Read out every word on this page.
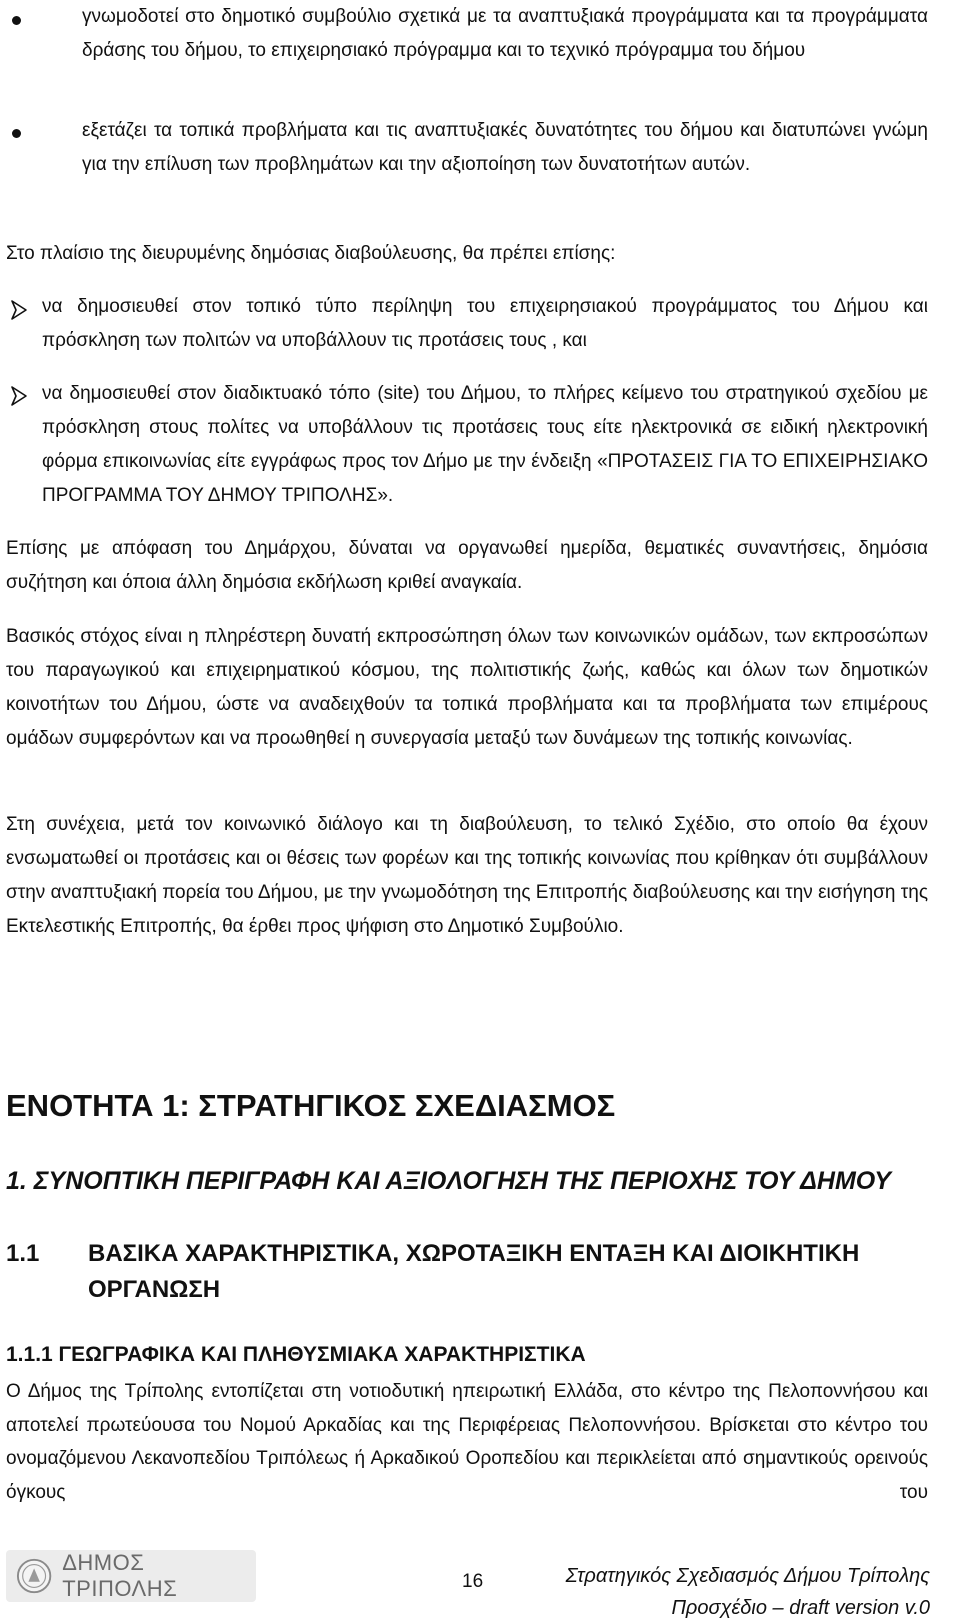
γνωμοδοτεί στο δημοτικό συμβούλιο σχετικά με τα αναπτυξιακά προγράμματα και τα προγράμματα δράσης του δήμου, το επιχειρησιακό πρόγραμμα και το τεχνικό πρόγραμμα του δήμου
εξετάζει τα τοπικά προβλήματα και τις αναπτυξιακές δυνατότητες του δήμου και διατυπώνει γνώμη για την επίλυση των προβλημάτων και την αξιοποίηση των δυνατοτήτων αυτών.
Στο πλαίσιο της διευρυμένης δημόσιας διαβούλευσης, θα πρέπει επίσης:
να δημοσιευθεί στον τοπικό τύπο περίληψη του επιχειρησιακού προγράμματος του Δήμου και πρόσκληση των πολιτών να υποβάλλουν τις προτάσεις τους , και
να δημοσιευθεί στον διαδικτυακό τόπο (site) του Δήμου, το πλήρες κείμενο του στρατηγικού σχεδίου με πρόσκληση στους πολίτες να υποβάλλουν τις προτάσεις τους είτε ηλεκτρονικά σε ειδική ηλεκτρονική φόρμα επικοινωνίας είτε εγγράφως προς τον Δήμο με την ένδειξη «ΠΡΟΤΑΣΕΙΣ ΓΙΑ ΤΟ ΕΠΙΧΕΙΡΗΣΙΑΚΟ ΠΡΟΓΡΑΜΜΑ ΤΟΥ ΔΗΜΟΥ ΤΡΙΠΟΛΗΣ».
Επίσης με απόφαση του Δημάρχου, δύναται να οργανωθεί ημερίδα, θεματικές συναντήσεις, δημόσια συζήτηση και όποια άλλη δημόσια εκδήλωση κριθεί αναγκαία.
Βασικός στόχος είναι η πληρέστερη δυνατή εκπροσώπηση όλων των κοινωνικών ομάδων, των εκπροσώπων του παραγωγικού και επιχειρηματικού κόσμου, της πολιτιστικής ζωής, καθώς και όλων των δημοτικών κοινοτήτων του Δήμου, ώστε να αναδειχθούν τα τοπικά προβλήματα και τα προβλήματα των επιμέρους ομάδων συμφερόντων και να προωθηθεί η συνεργασία μεταξύ των δυνάμεων της τοπικής κοινωνίας.
Στη συνέχεια, μετά τον κοινωνικό διάλογο και τη διαβούλευση, το τελικό Σχέδιο, στο οποίο θα έχουν ενσωματωθεί οι προτάσεις και οι θέσεις των φορέων και της τοπικής κοινωνίας που κρίθηκαν ότι συμβάλλουν στην αναπτυξιακή πορεία του Δήμου, με την γνωμοδότηση της Επιτροπής διαβούλευσης και την εισήγηση της Εκτελεστικής Επιτροπής, θα έρθει προς ψήφιση στο Δημοτικό Συμβούλιο.
ΕΝΟΤΗΤΑ 1: ΣΤΡΑΤΗΓΙΚΟΣ ΣΧΕΔΙΑΣΜΟΣ
1. ΣΥΝΟΠΤΙΚΗ ΠΕΡΙΓΡΑΦΗ ΚΑΙ ΑΞΙΟΛΟΓΗΣΗ ΤΗΣ ΠΕΡΙΟΧΗΣ ΤΟΥ ΔΗΜΟΥ
1.1 ΒΑΣΙΚΑ ΧΑΡΑΚΤΗΡΙΣΤΙΚΑ, ΧΩΡΟΤΑΞΙΚΗ ΕΝΤΑΞΗ ΚΑΙ ΔΙΟΙΚΗΤΙΚΗ
ΟΡΓΑΝΩΣΗ
1.1.1 ΓΕΩΓΡΑΦΙΚΑ ΚΑΙ ΠΛΗΘΥΣΜΙΑΚΑ ΧΑΡΑΚΤΗΡΙΣΤΙΚΑ
Ο Δήμος της Τρίπολης εντοπίζεται στη νοτιοδυτική ηπειρωτική Ελλάδα, στο κέντρο της Πελοποννήσου και αποτελεί πρωτεύουσα του Νομού Αρκαδίας και της Περιφέρειας Πελοποννήσου. Βρίσκεται στο κέντρο του ονομαζόμενου Λεκανοπεδίου Τριπόλεως ή Αρκαδικού Οροπεδίου και περικλείεται από σημαντικούς ορεινούς όγκους του
ΔΗΜΟΣ ΤΡΙΠΟΛΗΣ	16	Στρατηγικός Σχεδιασμός Δήμου Τρίπολης
Προσχέδιο – draft version v.0
